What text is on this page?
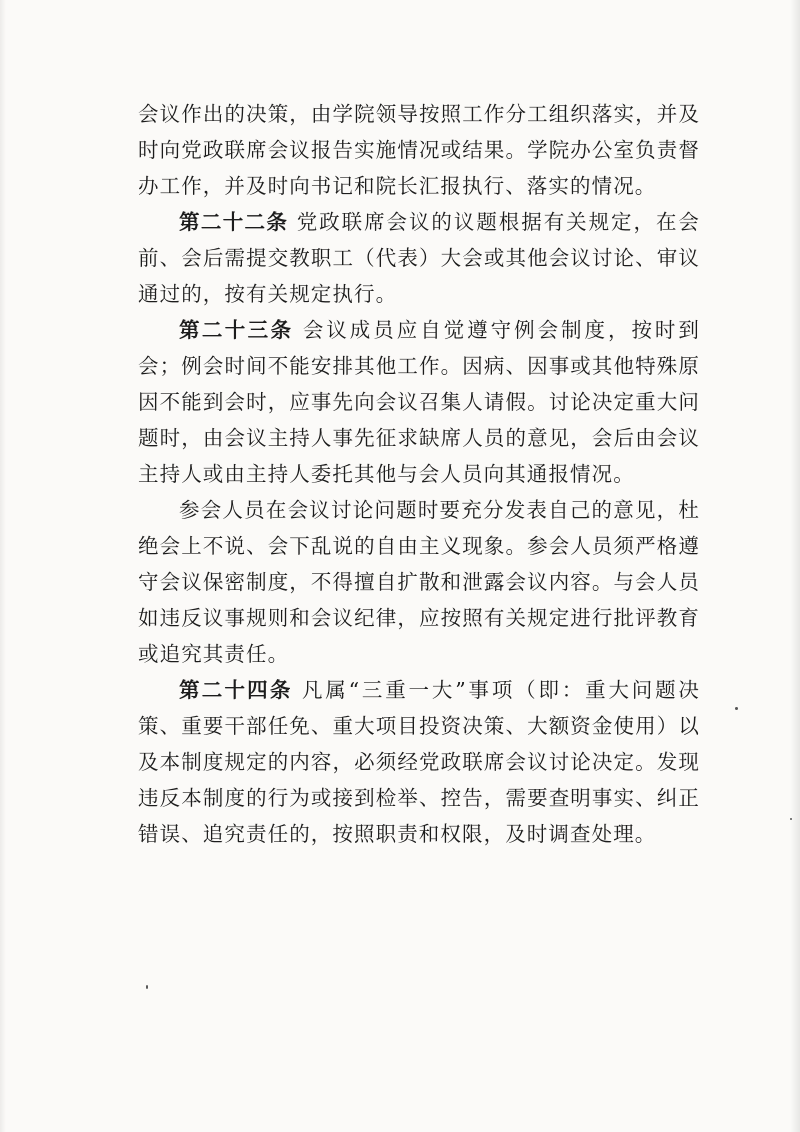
会议作出的决策，由学院领导按照工作分工组织落实，并及时向党政联席会议报告实施情况或结果。学院办公室负责督办工作，并及时向书记和院长汇报执行、落实的情况。

第二十二条 党政联席会议的议题根据有关规定，在会前、会后需提交教职工（代表）大会或其他会议讨论、审议通过的，按有关规定执行。

第二十三条 会议成员应自觉遵守例会制度，按时到会；例会时间不能安排其他工作。因病、因事或其他特殊原因不能到会时，应事先向会议召集人请假。讨论决定重大问题时，由会议主持人事先征求缺席人员的意见，会后由会议主持人或由主持人委托其他与会人员向其通报情况。

参会人员在会议讨论问题时要充分发表自己的意见，杜绝会上不说、会下乱说的自由主义现象。参会人员须严格遵守会议保密制度，不得擅自扩散和泄露会议内容。与会人员如违反议事规则和会议纪律，应按照有关规定进行批评教育或追究其责任。

第二十四条 凡属“三重一大”事项（即：重大问题决策、重要干部任免、重大项目投资决策、大额资金使用）以及本制度规定的内容，必须经党政联席会议讨论决定。发现违反本制度的行为或接到检举、控告，需要查明事实、纠正错误、追究责任的，按照职责和权限，及时调查处理。
